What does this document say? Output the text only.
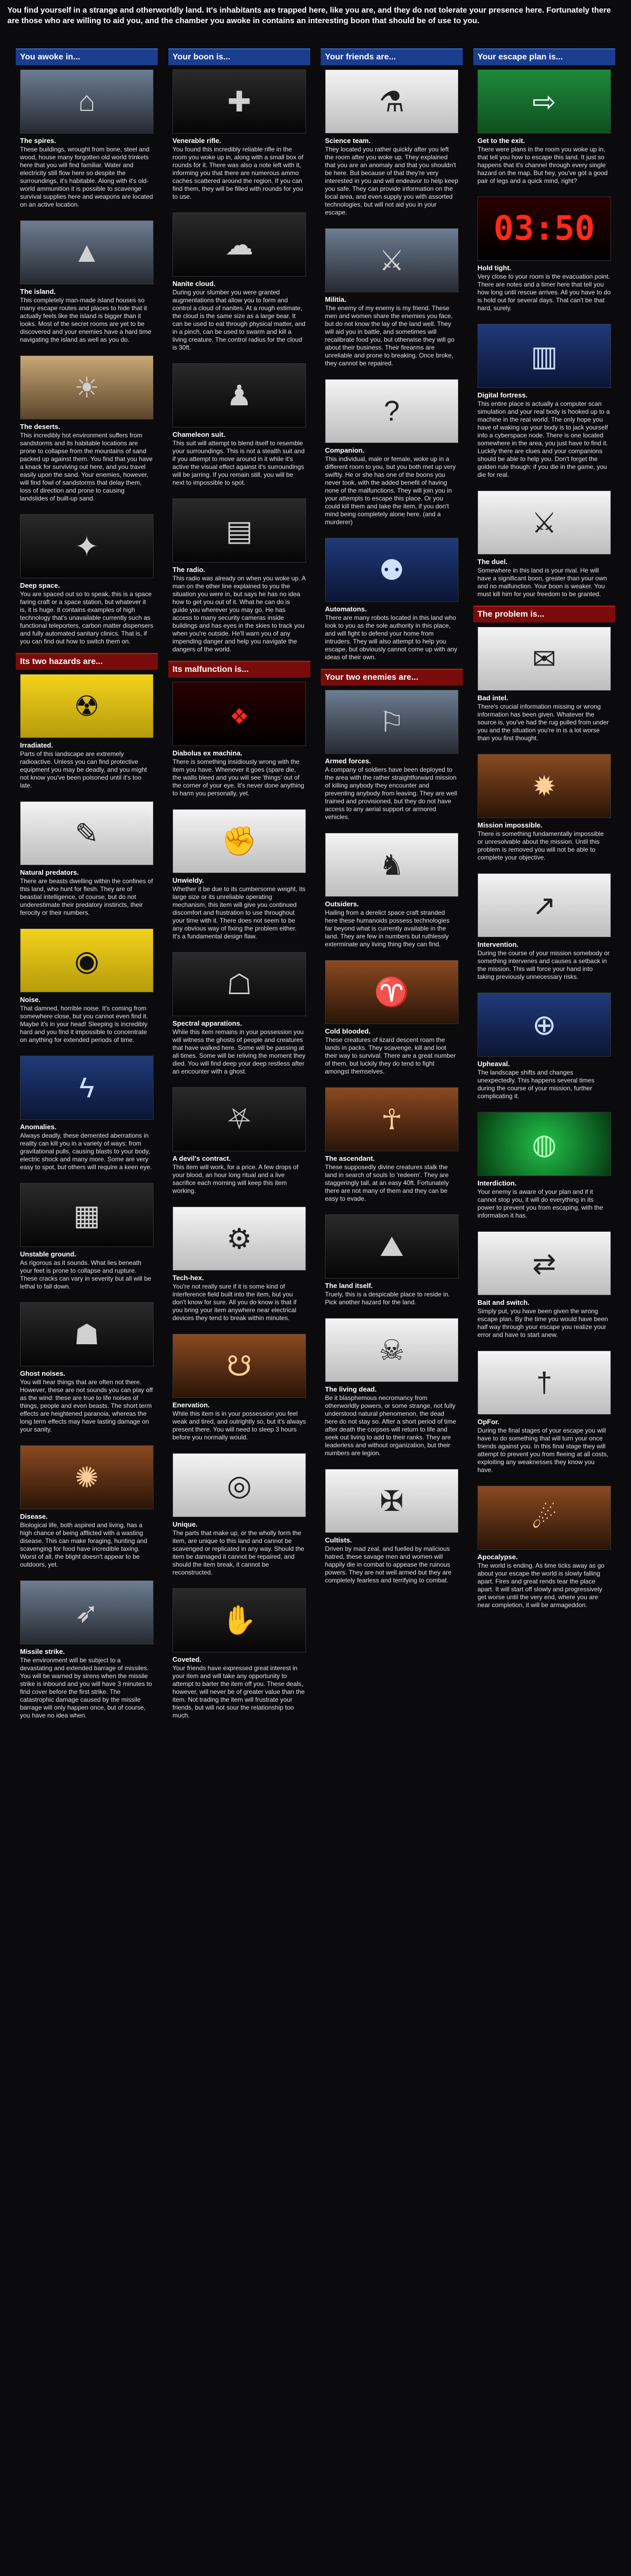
You find yourself in a strange and otherworldly land. It's inhabitants are trapped here, like you are, and they do not tolerate your presence here. Fortunately there are those who are willing to aid you, and the chamber you awoke in contains an interesting boon that should be of use to you.
You awoke in...
⌂
The spires.
These buildings, wrought from bone, steel and wood, house many forgotten old world trinkets here that you will find familiar. Water and electricity still flow here so despite the surroundings, it's habitable. Along with it's old-world ammunition it is possible to scavenge survival supplies here and weapons are located on an active location.
▲
The island.
This completely man-made island houses so many escape routes and places to hide that it actually feels like the island is bigger than it looks. Most of the secret rooms are yet to be discovered and your enemies have a hard time navigating the island as well as you do.
☀
The deserts.
This incredibly hot environment suffers from sandstorms and its habitable locations are prone to collapse from the mountains of sand packed up against them. You find that you have a knack for surviving out here, and you travel easily upon the sand. Your enemies, however, will find fowl of sandstorms that delay them, loss of direction and prone to causing landslides of built-up sand.
✦
Deep space.
You are spaced out so to speak, this is a space faring craft or a space station, but whatever it is, it is huge. It contains examples of high technology that's unavailable currently such as functional teleporters, carbon matter dispensers and fully automated sanitary clinics. That is, if you can find out how to switch them on.
Its two hazards are...
☢
Irradiated.
Parts of this landscape are extremely radioactive. Unless you can find protective equipment you may be deadly, and you might not know you've been poisoned until it's too late.
✎
Natural predators.
There are beasts dwelling within the confines of this land, who hunt for flesh. They are of beastial intelligence, of course, but do not underestimate their predatory instincts, their ferocity or their numbers.
◉
Noise.
That damned, horrible noise. It's coming from somewhere close, but you cannot even find it. Maybe it's in your head! Sleeping is incredibly hard and you find it impossible to concentrate on anything for extended periods of time.
ϟ
Anomalies.
Always deadly, these demented aberrations in reality can kill you in a variety of ways: from gravitational pulls, causing blasts to your body, electric shock and many more. Some are very easy to spot, but others will require a keen eye.
▦
Unstable ground.
As rigorous as it sounds. What lies beneath your feet is prone to collapse and rupture. These cracks can vary in severity but all will be lethal to fall down.
☗
Ghost noises.
You will hear things that are often not there. However, these are not sounds you can play off as the wind: these are true to life noises of things, people and even beasts. The short term effects are heightened paranoia, whereas the long term effects may have lasting damage on your sanity.
✺
Disease.
Biological life, both aspired and living, has a high chance of being afflicted with a wasting disease. This can make foraging, hunting and scavenging for food have incredible taxing. Worst of all, the blight doesn't appear to be outdoors, yet.
➶
Missile strike.
The environment will be subject to a devastating and extended barrage of missiles. You will be warned by sirens when the missile strike is inbound and you will have 3 minutes to find cover before the first strike. The catastrophic damage caused by the missile barrage will only happen once, but of course, you have no idea when.
Your boon is...
✚
Venerable rifle.
You found this incredibly reliable rifle in the room you woke up in, along with a small box of rounds for it. There was also a note left with it, informing you that there are numerous ammo caches scattered around the region. If you can find them, they will be filled with rounds for you to use.
☁
Nanite cloud.
During your slumber you were granted augmentations that allow you to form and control a cloud of nanites. At a rough estimate, the cloud is the same size as a large bear. It can be used to eat through physical matter, and in a pinch, can be used to swarm and kill a living creature. The control radius for the cloud is 30ft.
♟
Chameleon suit.
This suit will attempt to blend itself to resemble your surroundings. This is not a stealth suit and if you attempt to move around in it while it's active the visual effect against it's surroundings will be jarring. If you remain still, you will be next to impossible to spot.
▤
The radio.
This radio was already on when you woke up. A man on the other line explained to you the situation you were in, but says he has no idea how to get you out of it. What he can do is guide you wherever you may go. He has access to many security cameras inside buildings and has eyes in the skies to track you when you're outside. He'll warn you of any impending danger and help you navigate the dangers of the world.
Its malfunction is...
❖
Diabolus ex machina.
There is something insidiously wrong with the item you have. Whenever it goes (spare die, the walls bleed and you will see 'things' out of the corner of your eye. It's never done anything to harm you personally, yet.
✊
Unwieldy.
Whether it be due to its cumbersome weight, its large size or its unreliable operating mechanism, this item will give you continued discomfort and frustration to use throughout your time with it. There does not seem to be any obvious way of fixing the problem either. It's a fundamental design flaw.
☖
Spectral apparations.
While this item remains in your possession you will witness the ghosts of people and creatures that have walked here. Some will be passing at all times. Some will be reliving the moment they died. You will find deep your deep restless after an encounter with a ghost.
⛧
A devil's contract.
This item will work, for a price. A few drops of your blood, an hour long ritual and a live sacrifice each morning will keep this item working.
⚙
Tech-hex.
You're not really sure if it is some kind of interference field built into the item, but you don't know for sure. All you do know is that if you bring your item anywhere near electrical devices they tend to break within minutes.
☋
Enervation.
While this item is in your possession you feel weak and tired, and outrightly so, but it's always present there. You will need to sleep 3 hours before you normally would.
◎
Unique.
The parts that make up, or the wholly form the item, are unique to this land and cannot be scavenged or replicated in any way. Should the item be damaged it cannot be repaired, and should the item break, it cannot be reconstructed.
✋
Coveted.
Your friends have expressed great interest in your item and will take any opportunity to attempt to barter the item off you. These deals, however, will never be of greater value than the item. Not trading the item will frustrate your friends, but will not sour the relationship too much.
Your friends are...
⚗
Science team.
They located you rather quickly after you left the room after you woke up. They explained that you are an anomaly and that you shouldn't be here. But because of that they're very interested in you and will endeavor to help keep you safe. They can provide information on the local area, and even supply you with assorted technologies, but will not aid you in your escape.
⚔
Militia.
The enemy of my enemy is my friend. These men and women share the enemies you face, but do not know the lay of the land well. They will aid you in battle, and sometimes will recalibrate food you, but otherwise they will go about their business. Their firearms are unreliable and prone to breaking. Once broke, they cannot be repaired.
?
Companion.
This individual, male or female, woke up in a different room to you, but you both met up very swiftly. He or she has one of the boons you never took, with the added benefit of having none of the malfunctions. They will join you in your attempts to escape this place. Or you could kill them and take the item, if you don't mind being completely alone here. (and a murderer)
⚉
Automatons.
There are many robots located in this land who look to you as the sole authority in this place, and will fight to defend your home from intruders. They will also attempt to help you escape, but obviously cannot come up with any ideas of their own.
Your two enemies are...
⚐
Armed forces.
A company of soldiers have been deployed to the area with the rather straightforward mission of killing anybody they encounter and preventing anybody from leaving. They are well trained and provisioned, but they do not have access to any aerial support or armored vehicles.
♞
Outsiders.
Hailing from a derelict space craft stranded here these humanoids possess technologies far beyond what is currently available in the land. They are few in numbers but ruthlessly exterminate any living thing they can find.
♈
Cold blooded.
These creatures of lizard descent roam the lands in packs. They scavenge, kill and loot their way to survival. There are a great number of them, but luckily they do tend to fight amongst themselves.
☥
The ascendant.
These supposedly divine creatures stalk the land in search of souls to 'redeem'. They are staggeringly tall, at an easy 40ft. Fortunately there are not many of them and they can be easy to evade.
⛰
The land itself.
Truely, this is a despicable place to reside in. Pick another hazard for the land.
☠
The living dead.
Be it blasphemous necromancy from otherworldly powers, or some strange, not fully understood natural phenomenon, the dead here do not stay so. After a short period of time after death the corpses will return to life and seek out living to add to their ranks. They are leaderless and without organization, but their numbers are legion.
✠
Cultists.
Driven by mad zeal, and fuelled by malicious hatred, these savage men and women will happily die in combat to appease the ruinous powers. They are not well armed but they are completely fearless and terrifying to combat.
Your escape plan is...
⇨
Get to the exit.
There were plans in the room you woke up in, that tell you how to escape this land. It just so happens that it's channel through every single hazard on the map. But hey, you've got a good pair of legs and a quick mind, right?
03:50
Hold tight.
Very close to your room is the evacuation point. There are notes and a timer here that tell you how long until rescue arrives. All you have to do is hold out for several days. That can't be that hard, surely.
▥
Digital fortress.
This entire place is actually a computer scan simulation and your real body is hooked up to a machine in the real world. The only hope you have of waking up your body is to jack yourself into a cyberspace node. There is one located somewhere in the area, you just have to find it. Luckily there are clues and your companions should be able to help you. Don't forget the golden rule though: if you die in the game, you die for real.
⚔
The duel.
Somewhere in this land is your rival. He will have a significant boon, greater than your own and no malfunction. Your boon is weaker. You must kill him for your freedom to be granted.
The problem is...
✉
Bad intel.
There's crucial information missing or wrong information has been given. Whatever the source is, you've had the rug pulled from under you and the situation you're in is a lot worse than you first thought.
✹
Mission impossible.
There is something fundamentally impossible or unresolvable about the mission. Until this problem is removed you will not be able to complete your objective.
↗
Intervention.
During the course of your mission somebody or something intervenes and causes a setback in the mission. This will force your hand into taking previously unnecessary risks.
⊕
Upheaval.
The landscape shifts and changes unexpectedly. This happens several times during the course of your mission, further complicating it.
◍
Interdiction.
Your enemy is aware of your plan and if it cannot stop you, it will do everything in its power to prevent you from escaping, with the information it has.
⇄
Bait and switch.
Simply put, you have been given the wrong escape plan. By the time you would have been half way through your escape you realize your error and have to start anew.
†
OpFor.
During the final stages of your escape you will have to do something that will turn your once friends against you. In this final stage they will attempt to prevent you from fleeing at all costs, exploiting any weaknesses they know you have.
☄
Apocalypse.
The world is ending. As time ticks away as go about your escape the world is slowly falling apart. Fires and great rends tear the place apart. It will start off slowly and progressively get worse until the very end, where you are near completion, it will be armageddon.
